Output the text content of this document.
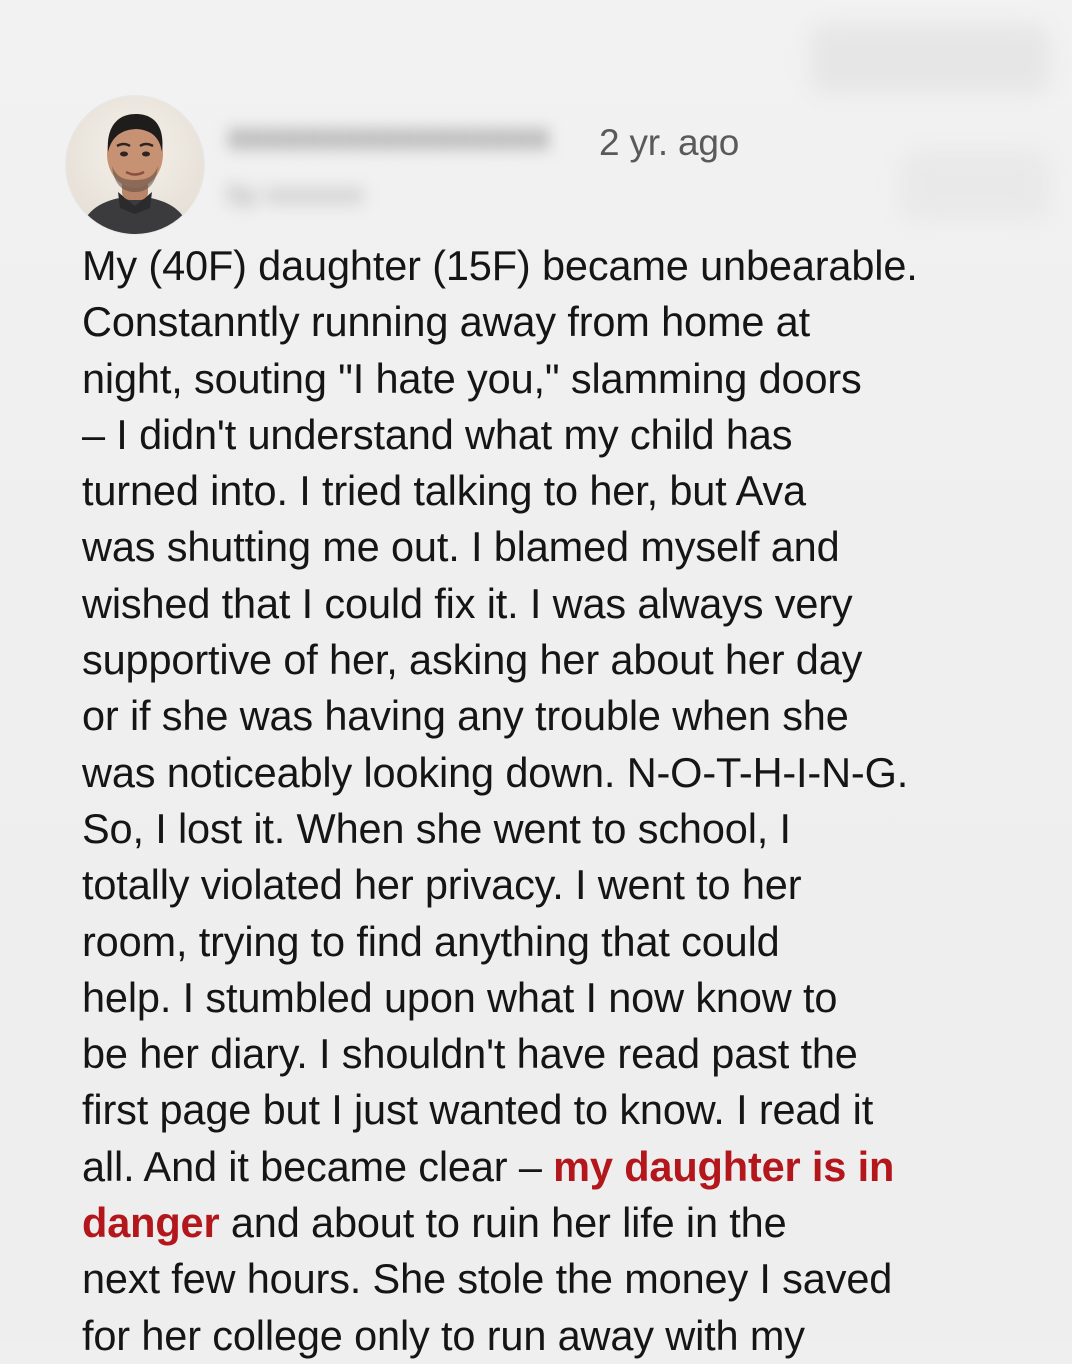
xxxxxxxxxxxxxxxxx
by xxxxxxx
2 yr. ago
My (40F) daughter (15F) became unbearable.
Constanntly running away from home at
night, souting "I hate you," slamming doors
– I didn't understand what my child has
turned into. I tried talking to her, but Ava
was shutting me out. I blamed myself and
wished that I could fix it. I was always very
supportive of her, asking her about her day
or if she was having any trouble when she
was noticeably looking down. N-O-T-H-I-N-G.
So, I lost it. When she went to school, I
totally violated her privacy. I went to her
room, trying to find anything that could
help. I stumbled upon what I now know to
be her diary. I shouldn't have read past the
first page but I just wanted to know. I read it
all. And it became clear – my daughter is in
danger and about to ruin her life in the
next few hours. She stole the money I saved
for her college only to run away with my
